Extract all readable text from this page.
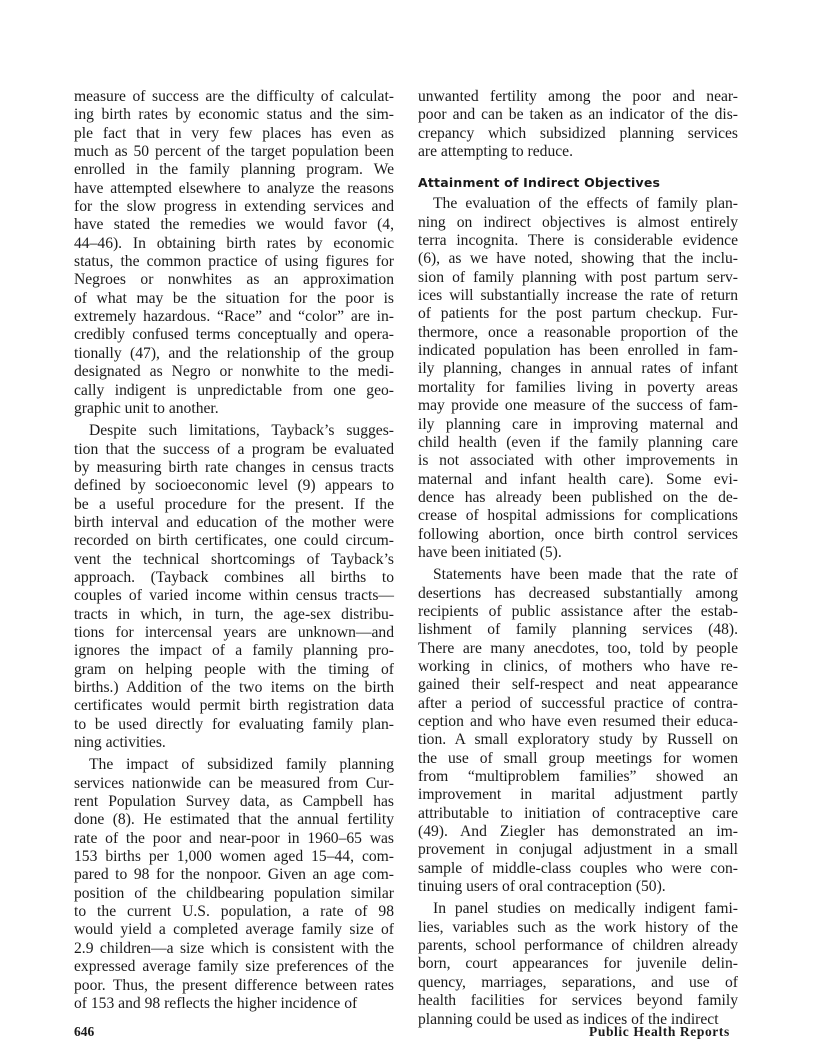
measure of success are the difficulty of calculat-
ing birth rates by economic status and the sim-
ple fact that in very few places has even as
much as 50 percent of the target population been
enrolled in the family planning program. We
have attempted elsewhere to analyze the reasons
for the slow progress in extending services and
have stated the remedies we would favor (4,
44–46). In obtaining birth rates by economic
status, the common practice of using figures for
Negroes or nonwhites as an approximation
of what may be the situation for the poor is
extremely hazardous. “Race” and “color” are in-
credibly confused terms conceptually and opera-
tionally (47), and the relationship of the group
designated as Negro or nonwhite to the medi-
cally indigent is unpredictable from one geo-
graphic unit to another.
Despite such limitations, Tayback’s sugges-
tion that the success of a program be evaluated
by measuring birth rate changes in census tracts
defined by socioeconomic level (9) appears to
be a useful procedure for the present. If the
birth interval and education of the mother were
recorded on birth certificates, one could circum-
vent the technical shortcomings of Tayback’s
approach. (Tayback combines all births to
couples of varied income within census tracts—
tracts in which, in turn, the age-sex distribu-
tions for intercensal years are unknown—and
ignores the impact of a family planning pro-
gram on helping people with the timing of
births.) Addition of the two items on the birth
certificates would permit birth registration data
to be used directly for evaluating family plan-
ning activities.
The impact of subsidized family planning
services nationwide can be measured from Cur-
rent Population Survey data, as Campbell has
done (8). He estimated that the annual fertility
rate of the poor and near-poor in 1960–65 was
153 births per 1,000 women aged 15–44, com-
pared to 98 for the nonpoor. Given an age com-
position of the childbearing population similar
to the current U.S. population, a rate of 98
would yield a completed average family size of
2.9 children—a size which is consistent with the
expressed average family size preferences of the
poor. Thus, the present difference between rates
of 153 and 98 reflects the higher incidence of
unwanted fertility among the poor and near-
poor and can be taken as an indicator of the dis-
crepancy which subsidized planning services
are attempting to reduce.
Attainment of Indirect Objectives
The evaluation of the effects of family plan-
ning on indirect objectives is almost entirely
terra incognita. There is considerable evidence
(6), as we have noted, showing that the inclu-
sion of family planning with post partum serv-
ices will substantially increase the rate of return
of patients for the post partum checkup. Fur-
thermore, once a reasonable proportion of the
indicated population has been enrolled in fam-
ily planning, changes in annual rates of infant
mortality for families living in poverty areas
may provide one measure of the success of fam-
ily planning care in improving maternal and
child health (even if the family planning care
is not associated with other improvements in
maternal and infant health care). Some evi-
dence has already been published on the de-
crease of hospital admissions for complications
following abortion, once birth control services
have been initiated (5).
Statements have been made that the rate of
desertions has decreased substantially among
recipients of public assistance after the estab-
lishment of family planning services (48).
There are many anecdotes, too, told by people
working in clinics, of mothers who have re-
gained their self-respect and neat appearance
after a period of successful practice of contra-
ception and who have even resumed their educa-
tion. A small exploratory study by Russell on
the use of small group meetings for women
from “multiproblem families” showed an
improvement in marital adjustment partly
attributable to initiation of contraceptive care
(49). And Ziegler has demonstrated an im-
provement in conjugal adjustment in a small
sample of middle-class couples who were con-
tinuing users of oral contraception (50).
In panel studies on medically indigent fami-
lies, variables such as the work history of the
parents, school performance of children already
born, court appearances for juvenile delin-
quency, marriages, separations, and use of
health facilities for services beyond family
planning could be used as indices of the indirect
646	Public Health Reports
